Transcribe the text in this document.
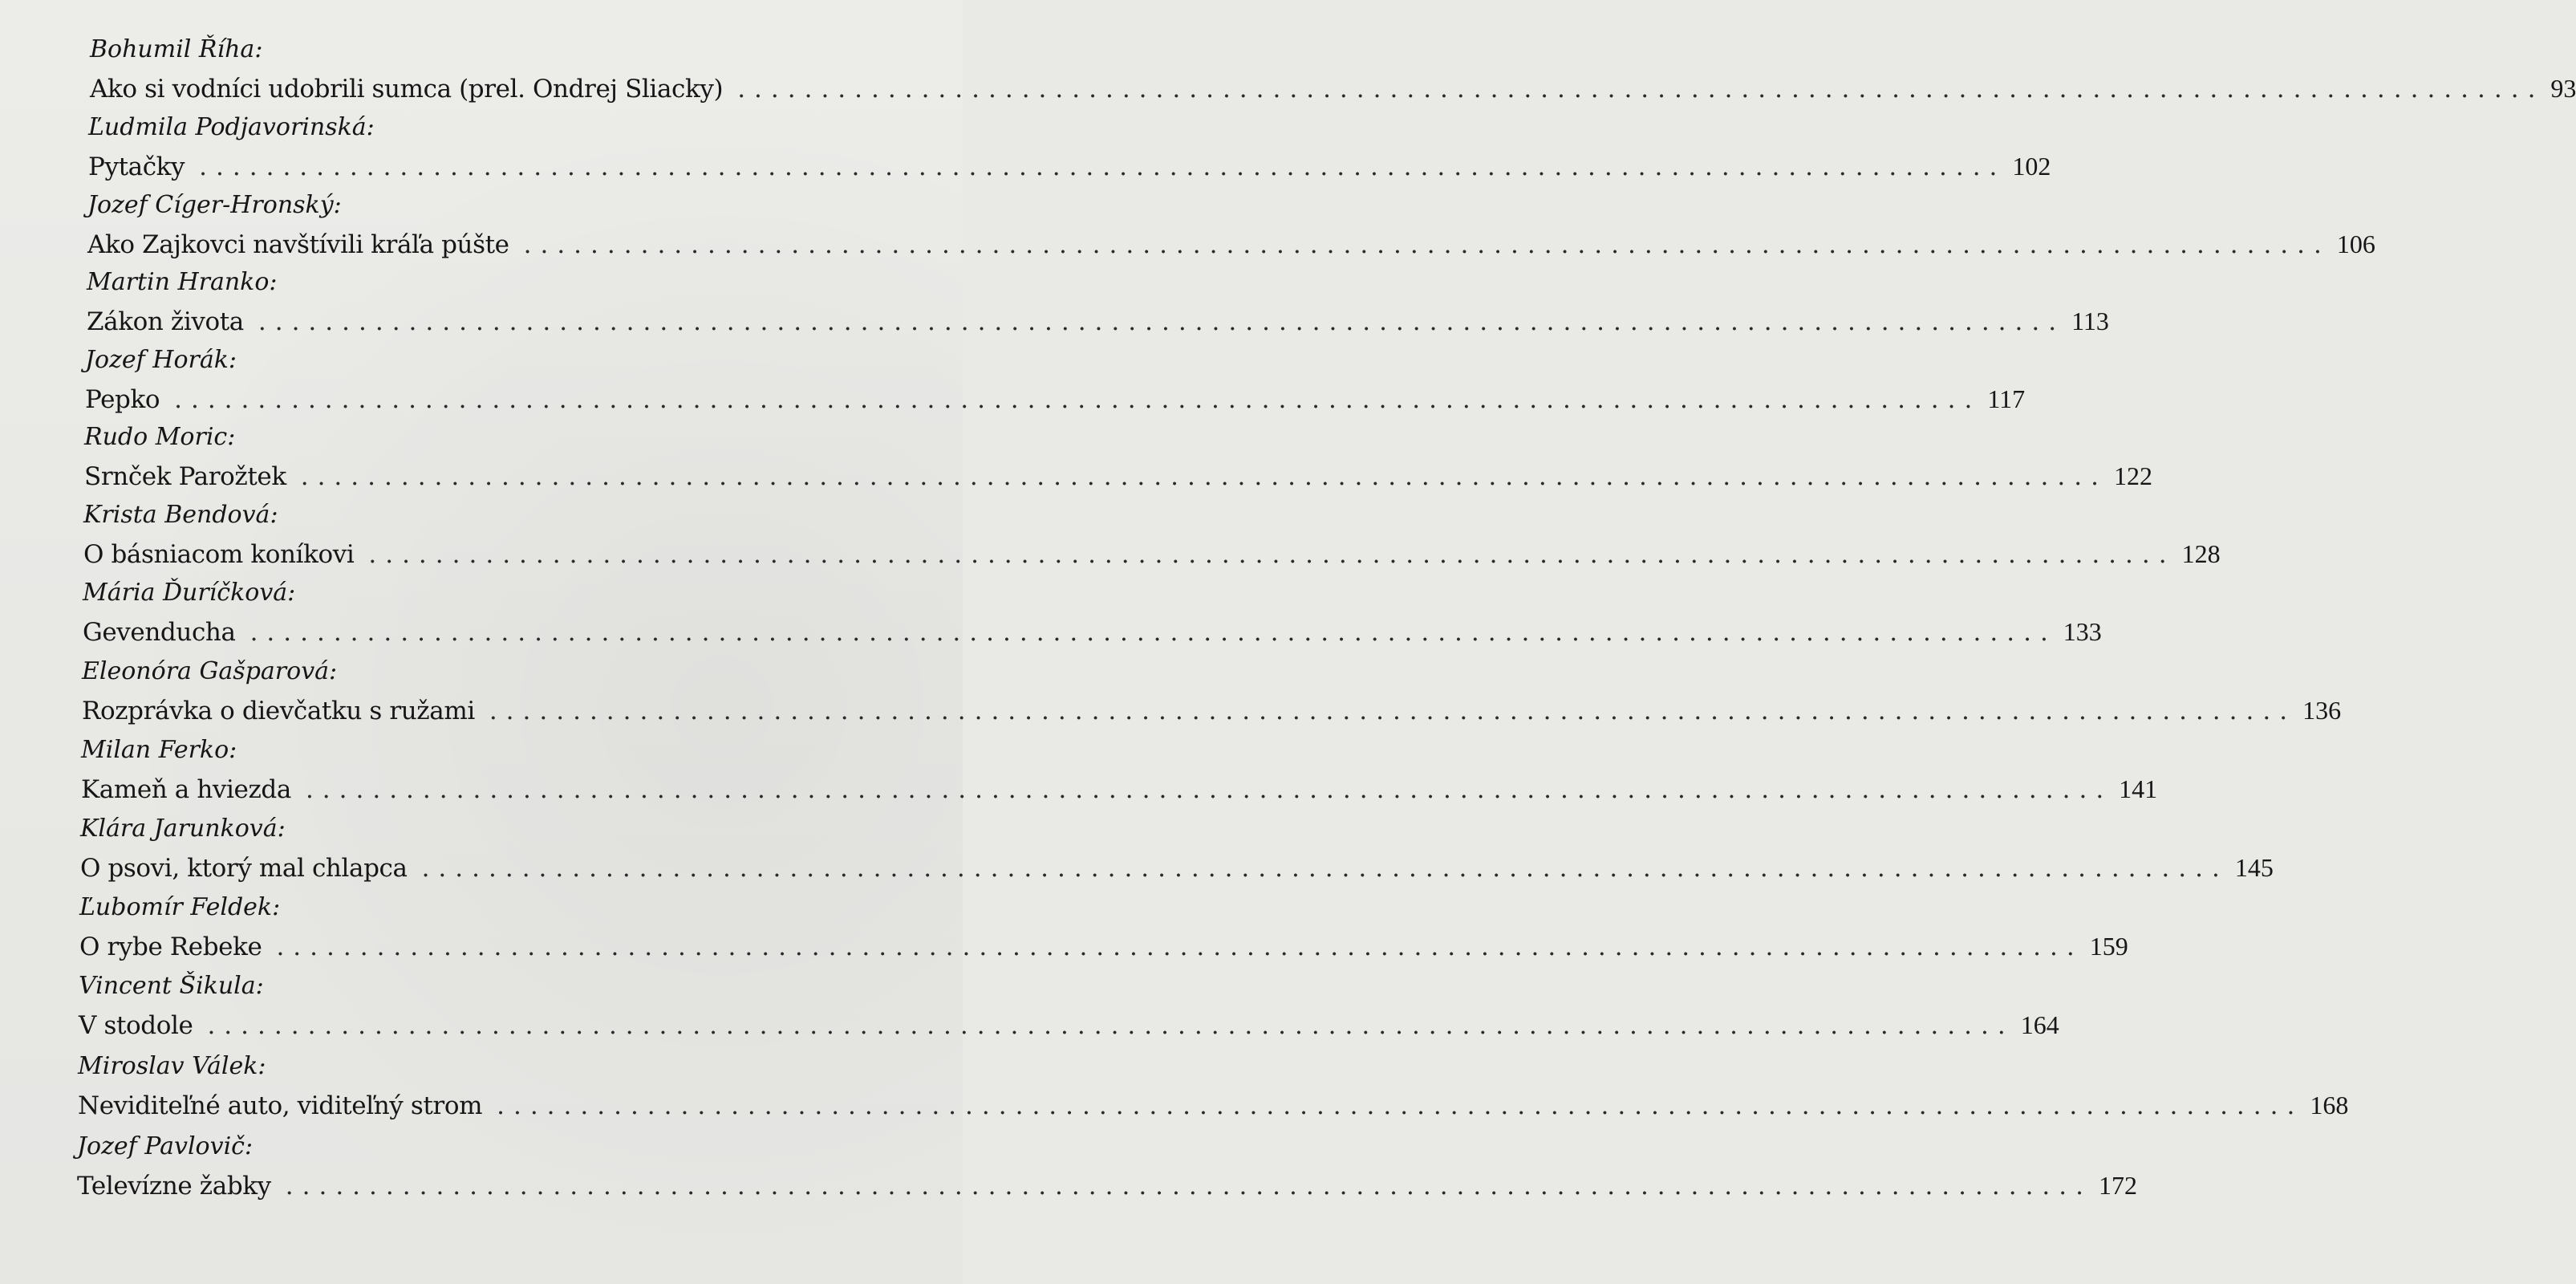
Bohumil Říha:
Ako si vodníci udobrili sumca (prel. Ondrej Sliacky) ............................................................................................................ 93
Ľudmila Podjavorinská:
Pytačky ............................................................................................................ 102
Jozef Cíger-Hronský:
Ako Zajkovci navštívili kráľa púšte ............................................................................................................ 106
Martin Hranko:
Zákon života ............................................................................................................ 113
Jozef Horák:
Pepko ............................................................................................................ 117
Rudo Moric:
Srnček Parožtek ............................................................................................................ 122
Krista Bendová:
O básniacom koníkovi ............................................................................................................ 128
Mária Ďuríčková:
Gevenducha ............................................................................................................ 133
Eleonóra Gašparová:
Rozprávka o dievčatku s ružami ............................................................................................................ 136
Milan Ferko:
Kameň a hviezda ............................................................................................................ 141
Klára Jarunková:
O psovi, ktorý mal chlapca ............................................................................................................ 145
Ľubomír Feldek:
O rybe Rebeke ............................................................................................................ 159
Vincent Šikula:
V stodole ............................................................................................................ 164
Miroslav Válek:
Neviditeľné auto, viditeľný strom ............................................................................................................ 168
Jozef Pavlovič:
Televízne žabky ............................................................................................................ 172
